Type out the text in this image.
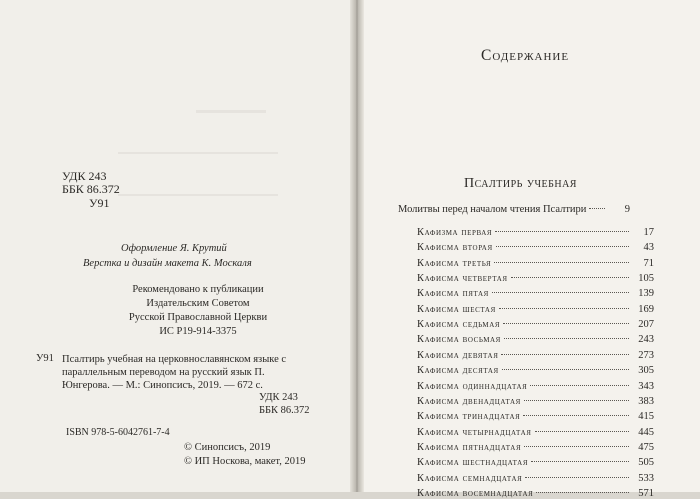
УДК 243
ББК 86.372
У91
Оформление Я. Крутий
Верстка и дизайн макета К. Москаля
Рекомендовано к публикации
Издательским Советом
Русской Православной Церкви
ИС Р19-914-3375
У91 Псалтирь учебная на церковнославянском языке с параллельным переводом на русский язык П. Юнгерова. — М.: Синопсисъ, 2019. — 672 с.
УДК 243
ББК 86.372
ISBN 978-5-6042761-7-4
© Синопсисъ, 2019
© ИП Носкова, макет, 2019
Содержание
Псалтирь учебная
Молитвы перед началом чтения Псалтири	9
Кафизма первая	17
Кафисма вторая	43
Кафисма третья	71
Кафисма четвертая	105
Кафисма пятая	139
Кафисма шестая	169
Кафисма седьмая	207
Кафисма восьмая	243
Кафисма девятая	273
Кафисма десятая	305
Кафисма одиннадцатая	343
Кафисма двенадцатая	383
Кафисма тринадцатая	415
Кафисма четырнадцатая	445
Кафисма пятнадцатая	475
Кафисма шестнадцатая	505
Кафисма семнадцатая	533
Кафисма восемнадцатая	571
